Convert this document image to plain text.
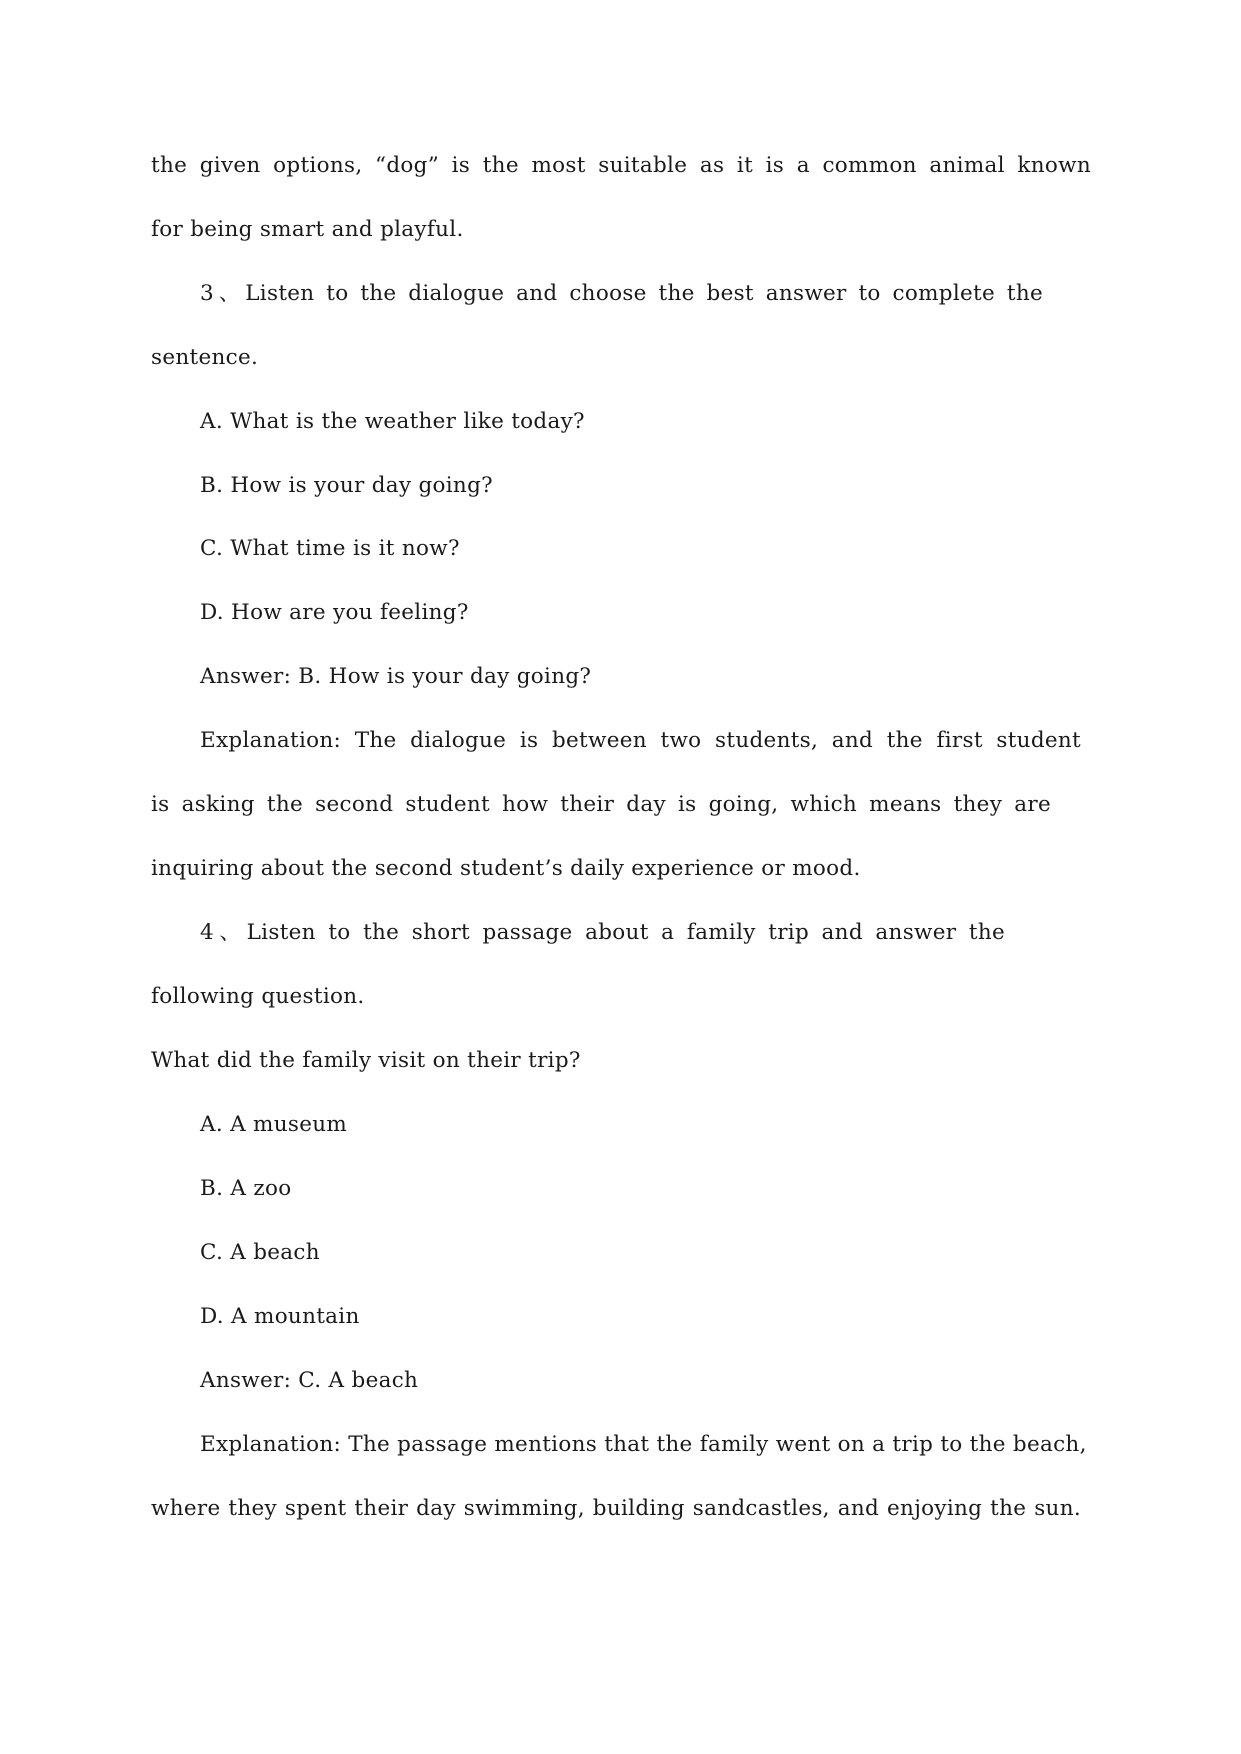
the given options, “dog” is the most suitable as it is a common animal known
for being smart and playful.
3、Listen to the dialogue and choose the best answer to complete the
sentence.
A. What is the weather like today?
B. How is your day going?
C. What time is it now?
D. How are you feeling?
Answer: B. How is your day going?
Explanation: The dialogue is between two students, and the first student
is asking the second student how their day is going, which means they are
inquiring about the second student’s daily experience or mood.
4、Listen to the short passage about a family trip and answer the
following question.
What did the family visit on their trip?
A. A museum
B. A zoo
C. A beach
D. A mountain
Answer: C. A beach
Explanation: The passage mentions that the family went on a trip to the beach,
where they spent their day swimming, building sandcastles, and enjoying the sun.
